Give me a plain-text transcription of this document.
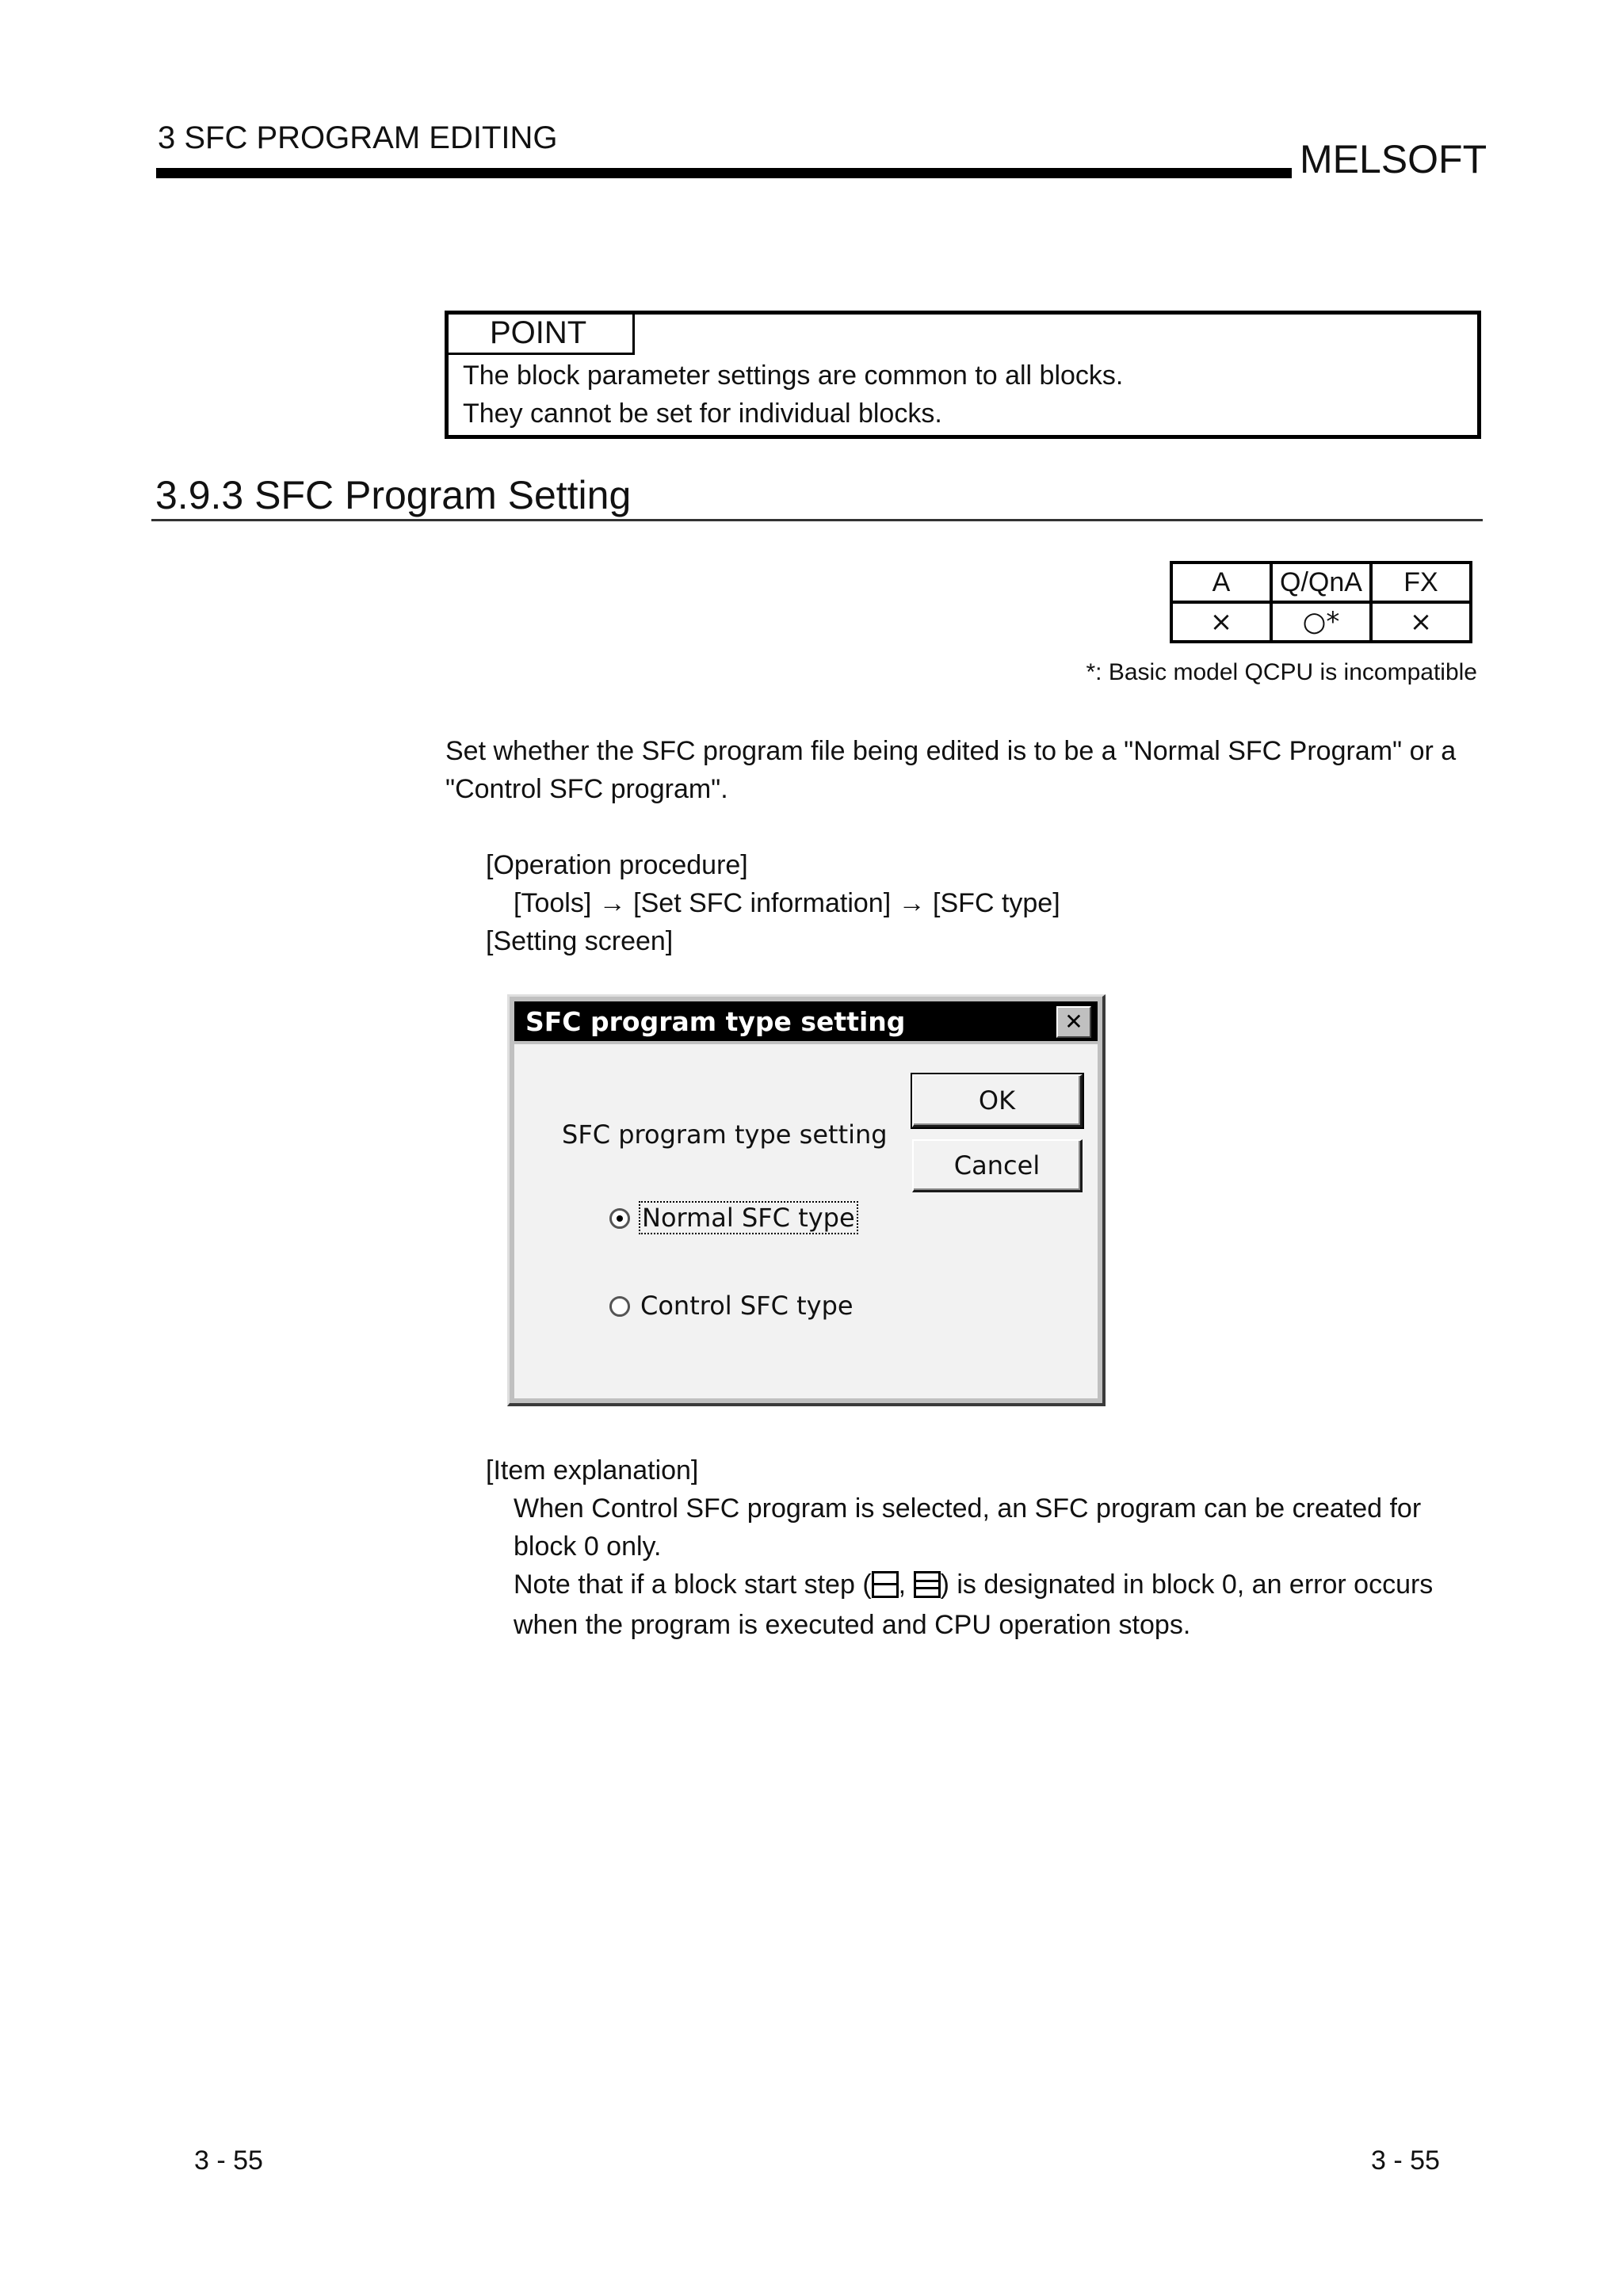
3 SFC PROGRAM EDITING	MELSOFT
POINT
The block parameter settings are common to all blocks.
They cannot be set for individual blocks.
3.9.3 SFC Program Setting
A	Q/QnA	FX
×	○*	×
*: Basic model QCPU is incompatible
Set whether the SFC program file being edited is to be a "Normal SFC Program" or a
"Control SFC program".
[Operation procedure]
[Tools] → [Set SFC information] → [SFC type]
[Setting screen]
SFC program type setting	✕
SFC program type setting
OK
Cancel
Normal SFC type
Control SFC type
[Item explanation]
When Control SFC program is selected, an SFC program can be created for
block 0 only.
Note that if a block start step ( , ) is designated in block 0, an error occurs
when the program is executed and CPU operation stops.
3 - 55	3 - 55
